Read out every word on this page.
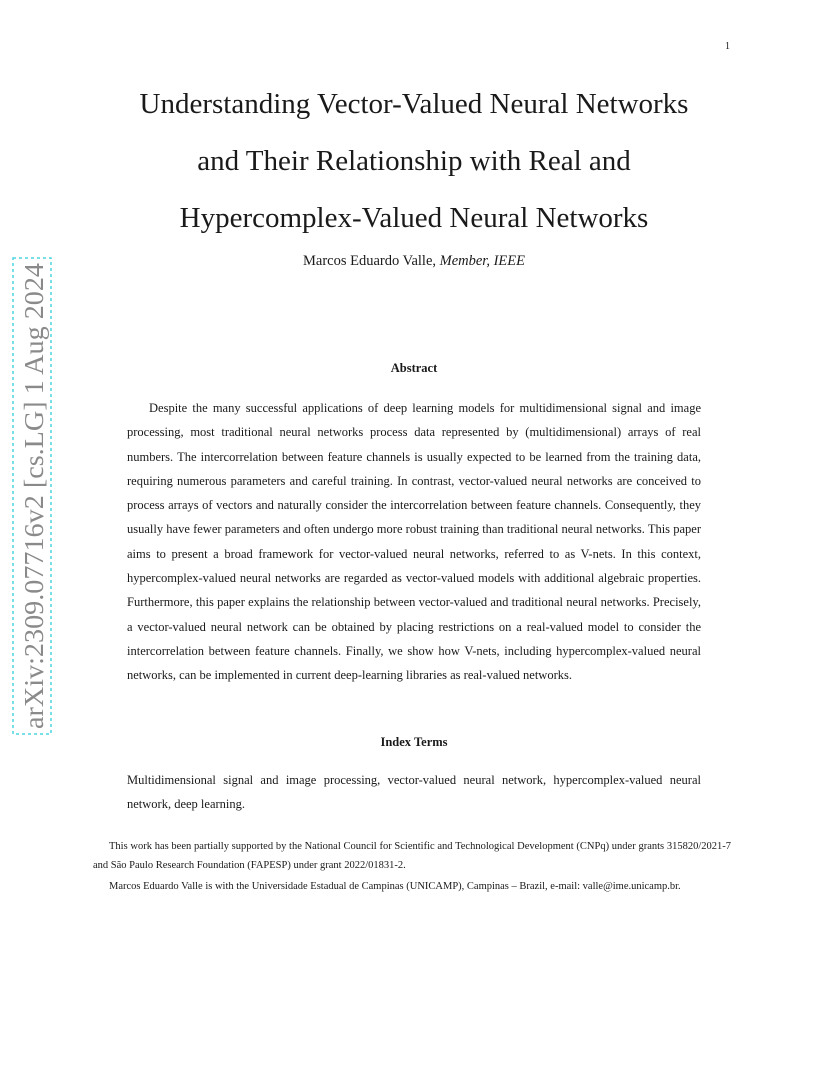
1
arXiv:2309.07716v2 [cs.LG] 1 Aug 2024
Understanding Vector-Valued Neural Networks
and Their Relationship with Real and
Hypercomplex-Valued Neural Networks
Marcos Eduardo Valle, Member, IEEE
Abstract

Despite the many successful applications of deep learning models for multidimensional signal and image processing, most traditional neural networks process data represented by (multidimensional) arrays of real numbers. The intercorrelation between feature channels is usually expected to be learned from the training data, requiring numerous parameters and careful training. In contrast, vector-valued neural networks are conceived to process arrays of vectors and naturally consider the intercorrelation between feature channels. Consequently, they usually have fewer parameters and often undergo more robust training than traditional neural networks. This paper aims to present a broad framework for vector-valued neural networks, referred to as V-nets. In this context, hypercomplex-valued neural networks are regarded as vector-valued models with additional algebraic properties. Furthermore, this paper explains the relationship between vector-valued and traditional neural networks. Precisely, a vector-valued neural network can be obtained by placing restrictions on a real-valued model to consider the intercorrelation between feature channels. Finally, we show how V-nets, including hypercomplex-valued neural networks, can be implemented in current deep-learning libraries as real-valued networks.

Index Terms

Multidimensional signal and image processing, vector-valued neural network, hypercomplex-valued neural network, deep learning.

This work has been partially supported by the National Council for Scientific and Technological Development (CNPq) under grants 315820/2021-7 and São Paulo Research Foundation (FAPESP) under grant 2022/01831-2.

Marcos Eduardo Valle is with the Universidade Estadual de Campinas (UNICAMP), Campinas – Brazil, e-mail: valle@ime.unicamp.br.
